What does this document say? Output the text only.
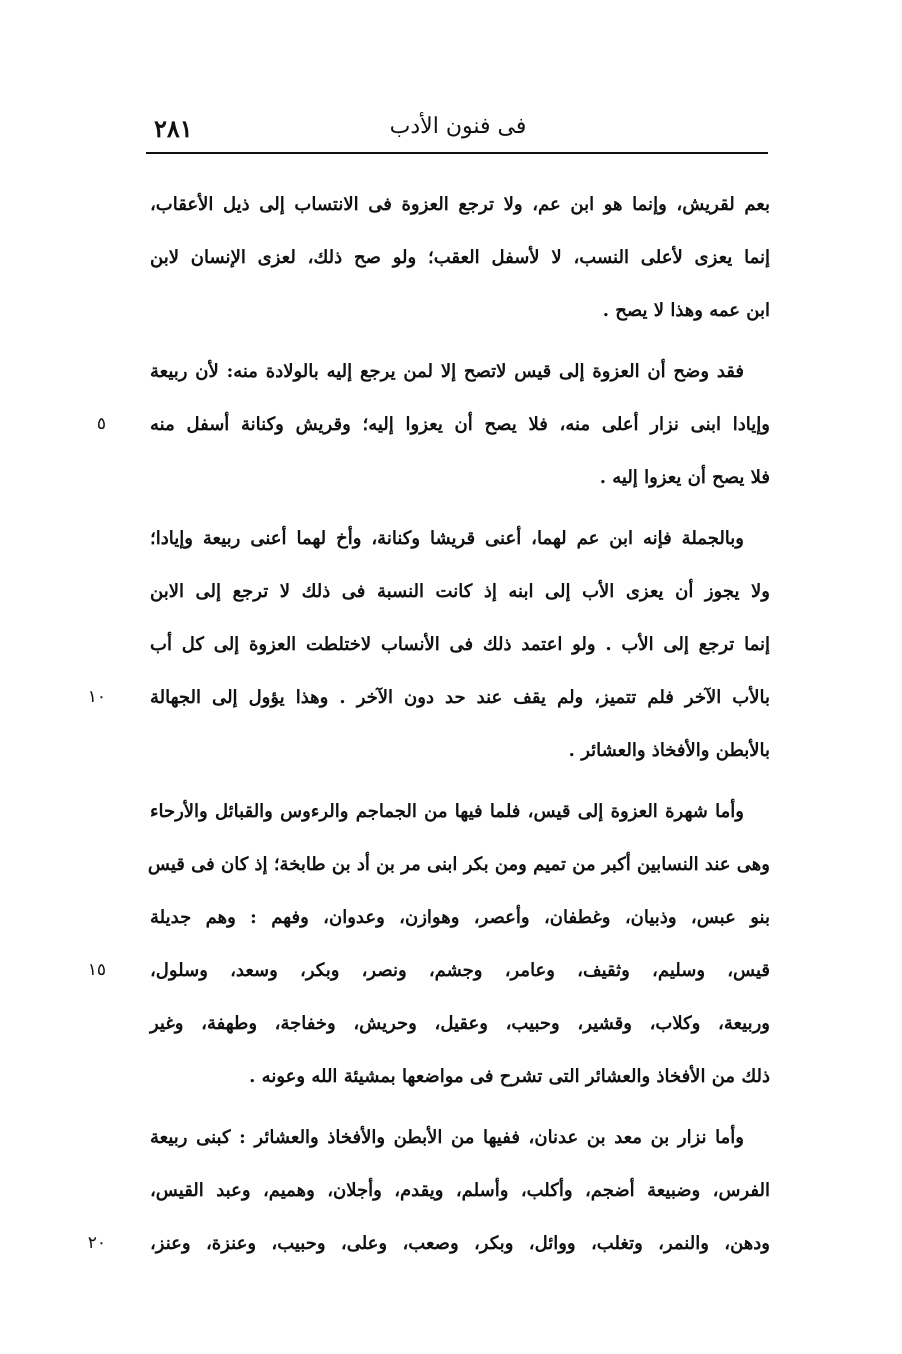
٢٨١	فى فنون الأدب
بعم لقريش، وإنما هو ابن عم، ولا ترجع العزوة فى الانتساب إلى ذيل الأعقاب،
إنما يعزى لأعلى النسب، لا لأسفل العقب؛ ولو صح ذلك، لعزى الإنسان لابن
ابن عمه وهذا لا يصح .
فقد وضح أن العزوة إلى قيس لاتصح إلا لمن يرجع إليه بالولادة منه: لأن ربيعة
وإيادا ابنى نزار أعلى منه، فلا يصح أن يعزوا إليه؛ وقريش وكنانة أسفل منه
٥
فلا يصح أن يعزوا إليه .
وبالجملة فإنه ابن عم لهما، أعنى قريشا وكنانة، وأخ لهما أعنى ربيعة وإيادا؛
ولا يجوز أن يعزى الأب إلى ابنه إذ كانت النسبة فى ذلك لا ترجع إلى الابن
إنما ترجع إلى الأب . ولو اعتمد ذلك فى الأنساب لاختلطت العزوة إلى كل أب
بالأب الآخر فلم تتميز، ولم يقف عند حد دون الآخر . وهذا يؤول إلى الجهالة
١٠
بالأبطن والأفخاذ والعشائر .
وأما شهرة العزوة إلى قيس، فلما فيها من الجماجم والرءوس والقبائل والأرحاء
وهى عند النسابين أكبر من تميم ومن بكر ابنى مر بن أد بن طابخة؛ إذ كان فى قيس
بنو عبس، وذبيان، وغطفان، وأعصر، وهوازن، وعدوان، وفهم : وهم جديلة
قيس، وسليم، وثقيف، وعامر، وجشم، ونصر، وبكر، وسعد، وسلول،
١٥
وربيعة، وكلاب، وقشير، وحبيب، وعقيل، وحريش، وخفاجة، وطهفة، وغير
ذلك من الأفخاذ والعشائر التى تشرح فى مواضعها بمشيئة الله وعونه .
وأما نزار بن معد بن عدنان، ففيها من الأبطن والأفخاذ والعشائر : كبنى ربيعة
الفرس، وضبيعة أضجم، وأكلب، وأسلم، ويقدم، وأجلان، وهميم، وعبد القيس،
ودهن، والنمر، وتغلب، ووائل، وبكر، وصعب، وعلى، وحبيب، وعنزة، وعنز،
٢٠
